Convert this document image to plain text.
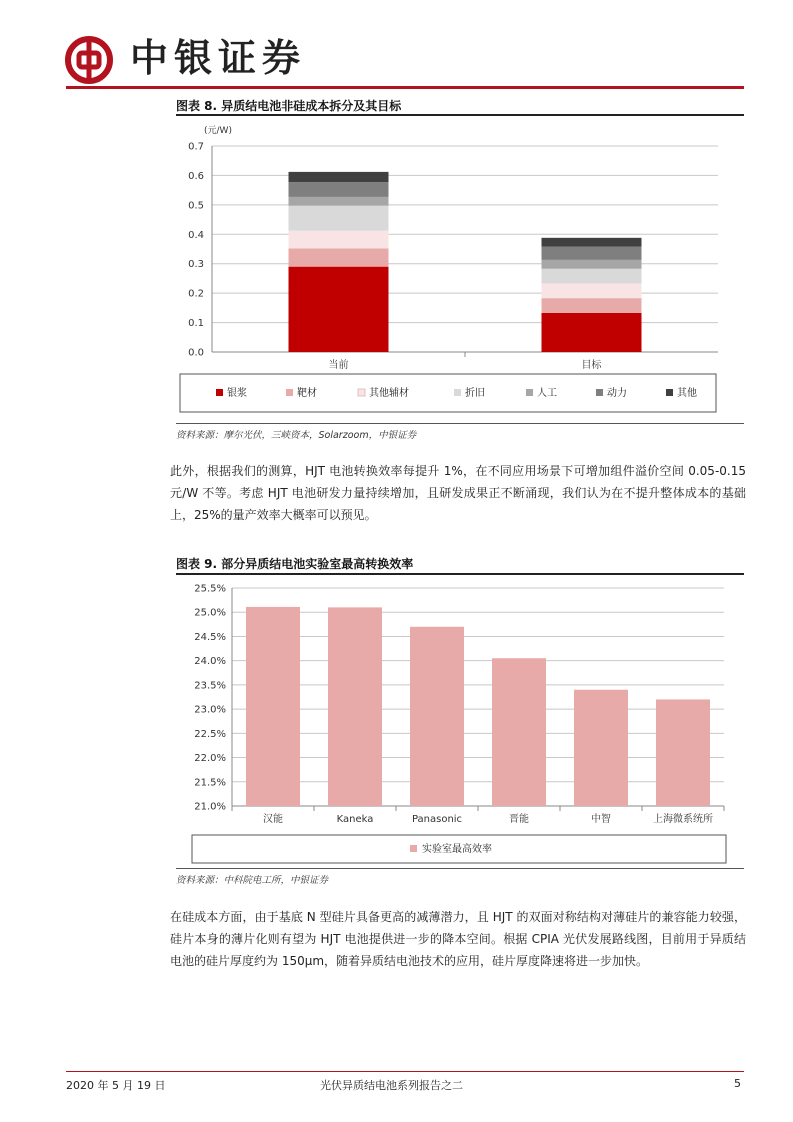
中银证券
图表 8. 异质结电池非硅成本拆分及其目标
(元/W)
0.0
0.1
0.2
0.3
0.4
0.5
0.6
0.7
当前	目标
银浆	靶材	其他辅材	折旧	人工	动力	其他
资料来源：摩尔光伏，三峡资本，Solarzoom，中银证券
此外，根据我们的测算，HJT 电池转换效率每提升 1%，在不同应用场景下可增加组件溢价空间 0.05-0.15 元/W 不等。考虑 HJT 电池研发力量持续增加，且研发成果正不断涌现，我们认为在不提升整体成本的基础上，25%的量产效率大概率可以预见。
图表 9. 部分异质结电池实验室最高转换效率
21.0%
21.5%
22.0%
22.5%
23.0%
23.5%
24.0%
24.5%
25.0%
25.5%
汉能	Kaneka	Panasonic	晋能	中智	上海微系统所
实验室最高效率
资料来源：中科院电工所，中银证券
在硅成本方面，由于基底 N 型硅片具备更高的减薄潜力，且 HJT 的双面对称结构对薄硅片的兼容能力较强，硅片本身的薄片化则有望为 HJT 电池提供进一步的降本空间。根据 CPIA 光伏发展路线图，目前用于异质结电池的硅片厚度约为 150μm，随着异质结电池技术的应用，硅片厚度降速将进一步加快。
2020 年 5 月 19 日	光伏异质结电池系列报告之二	5
